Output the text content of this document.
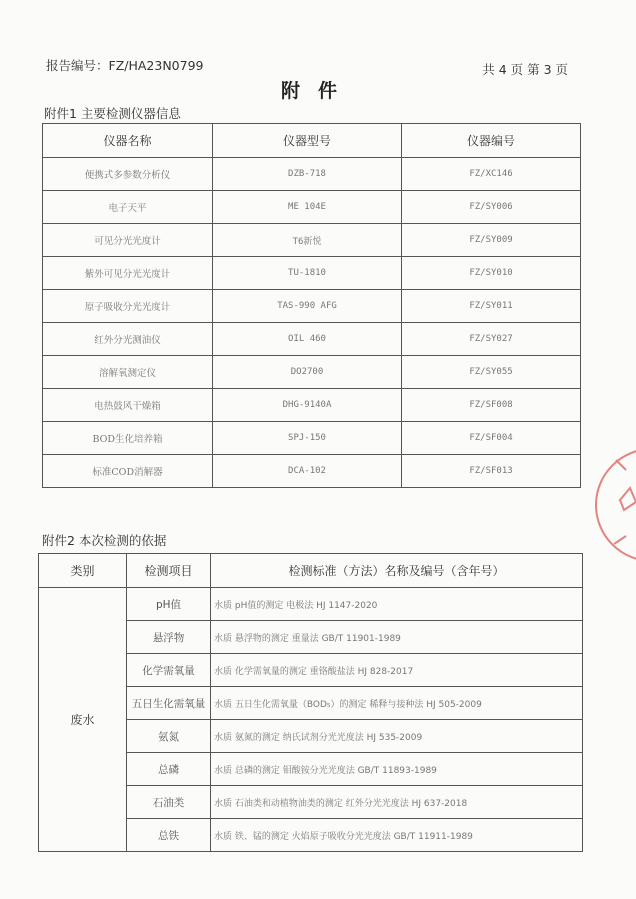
报告编号：FZ/HA23N0799	共 4 页 第 3 页
附件
附件1 主要检测仪器信息
仪器名称	仪器型号	仪器编号
便携式多参数分析仪	DZB-718	FZ/XC146
电子天平	ME 104E	FZ/SY006
可见分光光度计	T6新悦	FZ/SY009
紫外可见分光光度计	TU-1810	FZ/SY010
原子吸收分光光度计	TAS-990 AFG	FZ/SY011
红外分光测油仪	OIL 460	FZ/SY027
溶解氧测定仪	DO2700	FZ/SY055
电热鼓风干燥箱	DHG-9140A	FZ/SF008
BOD生化培养箱	SPJ-150	FZ/SF004
标准COD消解器	DCA-102	FZ/SF013
附件2 本次检测的依据
类别	检测项目	检测标准（方法）名称及编号（含年号）
废水	pH值	水质 pH值的测定 电极法 HJ 1147-2020
	悬浮物	水质 悬浮物的测定 重量法 GB/T 11901-1989
	化学需氧量	水质 化学需氧量的测定 重铬酸盐法 HJ 828-2017
	五日生化需氧量	水质 五日生化需氧量（BOD₅）的测定 稀释与接种法 HJ 505-2009
	氨氮	水质 氨氮的测定 纳氏试剂分光光度法 HJ 535-2009
	总磷	水质 总磷的测定 钼酸铵分光光度法 GB/T 11893-1989
	石油类	水质 石油类和动植物油类的测定 红外分光光度法 HJ 637-2018
	总铁	水质 铁、锰的测定 火焰原子吸收分光光度法 GB/T 11911-1989
